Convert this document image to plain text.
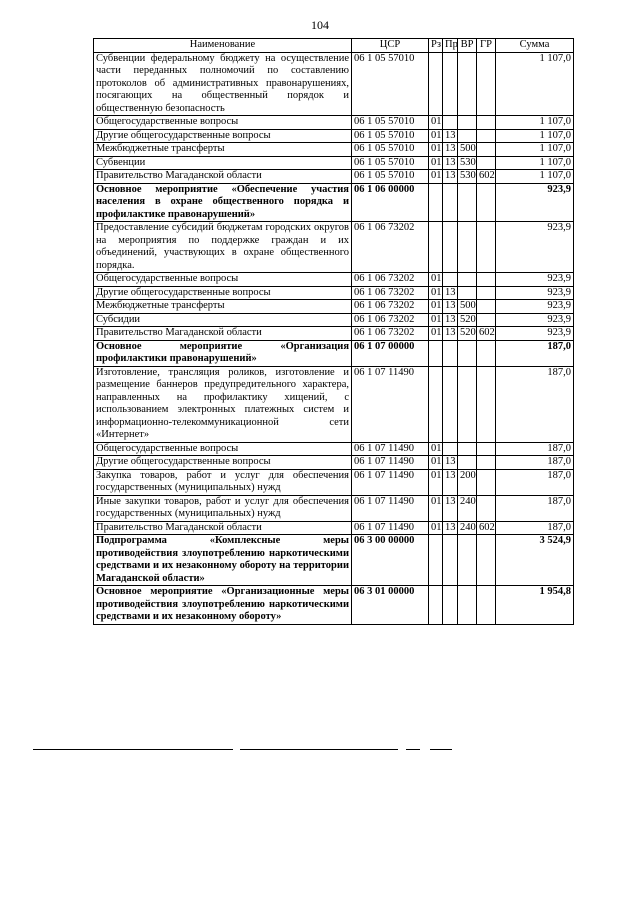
104
Наименование	ЦСР	Рз	Пр	ВР	ГР	Сумма
Субвенции федеральному бюджету на осуществление части переданных полномочий по составлению протоколов об административных правонарушениях, посягающих на общественный порядок и общественную безопасность	06 1 05 57010					1 107,0
Общегосударственные вопросы	06 1 05 57010	01				1 107,0
Другие общегосударственные вопросы	06 1 05 57010	01	13			1 107,0
Межбюджетные трансферты	06 1 05 57010	01	13	500		1 107,0
Субвенции	06 1 05 57010	01	13	530		1 107,0
Правительство Магаданской области	06 1 05 57010	01	13	530	602	1 107,0
Основное мероприятие «Обеспечение участия населения в охране общественного порядка и профилактике правонарушений»	06 1 06 00000					923,9
Предоставление субсидий бюджетам городских округов на мероприятия по поддержке граждан и их объединений, участвующих в охране общественного порядка.	06 1 06 73202					923,9
Общегосударственные вопросы	06 1 06 73202	01				923,9
Другие общегосударственные вопросы	06 1 06 73202	01	13			923,9
Межбюджетные трансферты	06 1 06 73202	01	13	500		923,9
Субсидии	06 1 06 73202	01	13	520		923,9
Правительство Магаданской области	06 1 06 73202	01	13	520	602	923,9
Основное мероприятие «Организация профилактики правонарушений»	06 1 07 00000					187,0
Изготовление, трансляция роликов, изготовление и размещение баннеров предупредительного характера, направленных на профилактику хищений, с использованием электронных платежных систем и информационно-телекоммуникационной сети «Интернет»	06 1 07 11490					187,0
Общегосударственные вопросы	06 1 07 11490	01				187,0
Другие общегосударственные вопросы	06 1 07 11490	01	13			187,0
Закупка товаров, работ и услуг для обеспечения государственных (муниципальных) нужд	06 1 07 11490	01	13	200		187,0
Иные закупки товаров, работ и услуг для обеспечения государственных (муниципальных) нужд	06 1 07 11490	01	13	240		187,0
Правительство Магаданской области	06 1 07 11490	01	13	240	602	187,0
Подпрограмма «Комплексные меры противодействия злоупотреблению наркотическими средствами и их незаконному обороту на территории Магаданской области»	06 3 00 00000					3 524,9
Основное мероприятие «Организационные меры противодействия злоупотреблению наркотическими средствами и их незаконному обороту»	06 3 01 00000					1 954,8
